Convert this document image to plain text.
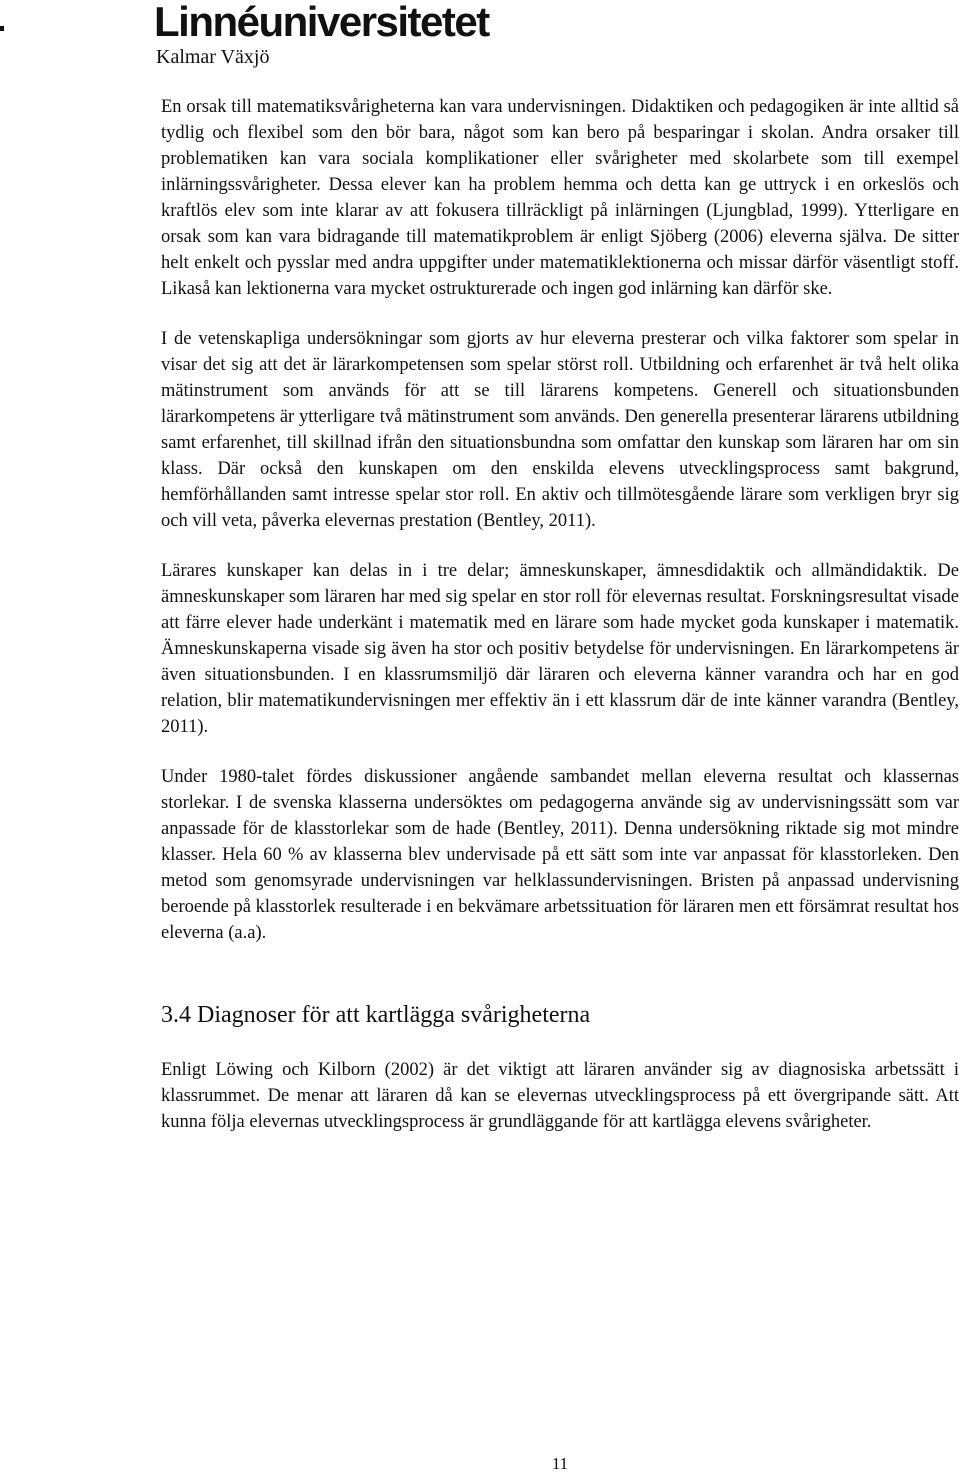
Linnéuniversitetet
Kalmar Växjö

En orsak till matematiksvårigheterna kan vara undervisningen. Didaktiken och pedagogiken är inte alltid så tydlig och flexibel som den bör bara, något som kan bero på besparingar i skolan. Andra orsaker till problematiken kan vara sociala komplikationer eller svårigheter med skolarbete som till exempel inlärningssvårigheter. Dessa elever kan ha problem hemma och detta kan ge uttryck i en orkeslös och kraftlös elev som inte klarar av att fokusera tillräckligt på inlärningen (Ljungblad, 1999). Ytterligare en orsak som kan vara bidragande till matematikproblem är enligt Sjöberg (2006) eleverna själva. De sitter helt enkelt och pysslar med andra uppgifter under matematiklektionerna och missar därför väsentligt stoff. Likaså kan lektionerna vara mycket ostrukturerade och ingen god inlärning kan därför ske.

I de vetenskapliga undersökningar som gjorts av hur eleverna presterar och vilka faktorer som spelar in visar det sig att det är lärarkompetensen som spelar störst roll. Utbildning och erfarenhet är två helt olika mätinstrument som används för att se till lärarens kompetens. Generell och situationsbunden lärarkompetens är ytterligare två mätinstrument som används. Den generella presenterar lärarens utbildning samt erfarenhet, till skillnad ifrån den situationsbundna som omfattar den kunskap som läraren har om sin klass. Där också den kunskapen om den enskilda elevens utvecklingsprocess samt bakgrund, hemförhållanden samt intresse spelar stor roll. En aktiv och tillmötesgående lärare som verkligen bryr sig och vill veta, påverka elevernas prestation (Bentley, 2011).

Lärares kunskaper kan delas in i tre delar; ämneskunskaper, ämnesdidaktik och allmändidaktik. De ämneskunskaper som läraren har med sig spelar en stor roll för elevernas resultat. Forskningsresultat visade att färre elever hade underkänt i matematik med en lärare som hade mycket goda kunskaper i matematik. Ämneskunskaperna visade sig även ha stor och positiv betydelse för undervisningen. En lärarkompetens är även situationsbunden. I en klassrumsmiljö där läraren och eleverna känner varandra och har en god relation, blir matematikundervisningen mer effektiv än i ett klassrum där de inte känner varandra (Bentley, 2011).

Under 1980-talet fördes diskussioner angående sambandet mellan eleverna resultat och klassernas storlekar. I de svenska klasserna undersöktes om pedagogerna använde sig av undervisningssätt som var anpassade för de klasstorlekar som de hade (Bentley, 2011). Denna undersökning riktade sig mot mindre klasser. Hela 60 % av klasserna blev undervisade på ett sätt som inte var anpassat för klasstorleken. Den metod som genomsyrade undervisningen var helklassundervisningen. Bristen på anpassad undervisning beroende på klasstorlek resulterade i en bekvämare arbetssituation för läraren men ett försämrat resultat hos eleverna (a.a).

3.4 Diagnoser för att kartlägga svårigheterna

Enligt Löwing och Kilborn (2002) är det viktigt att läraren använder sig av diagnosiska arbetssätt i klassrummet. De menar att läraren då kan se elevernas utvecklingsprocess på ett övergripande sätt. Att kunna följa elevernas utvecklingsprocess är grundläggande för att kartlägga elevens svårigheter.

11
